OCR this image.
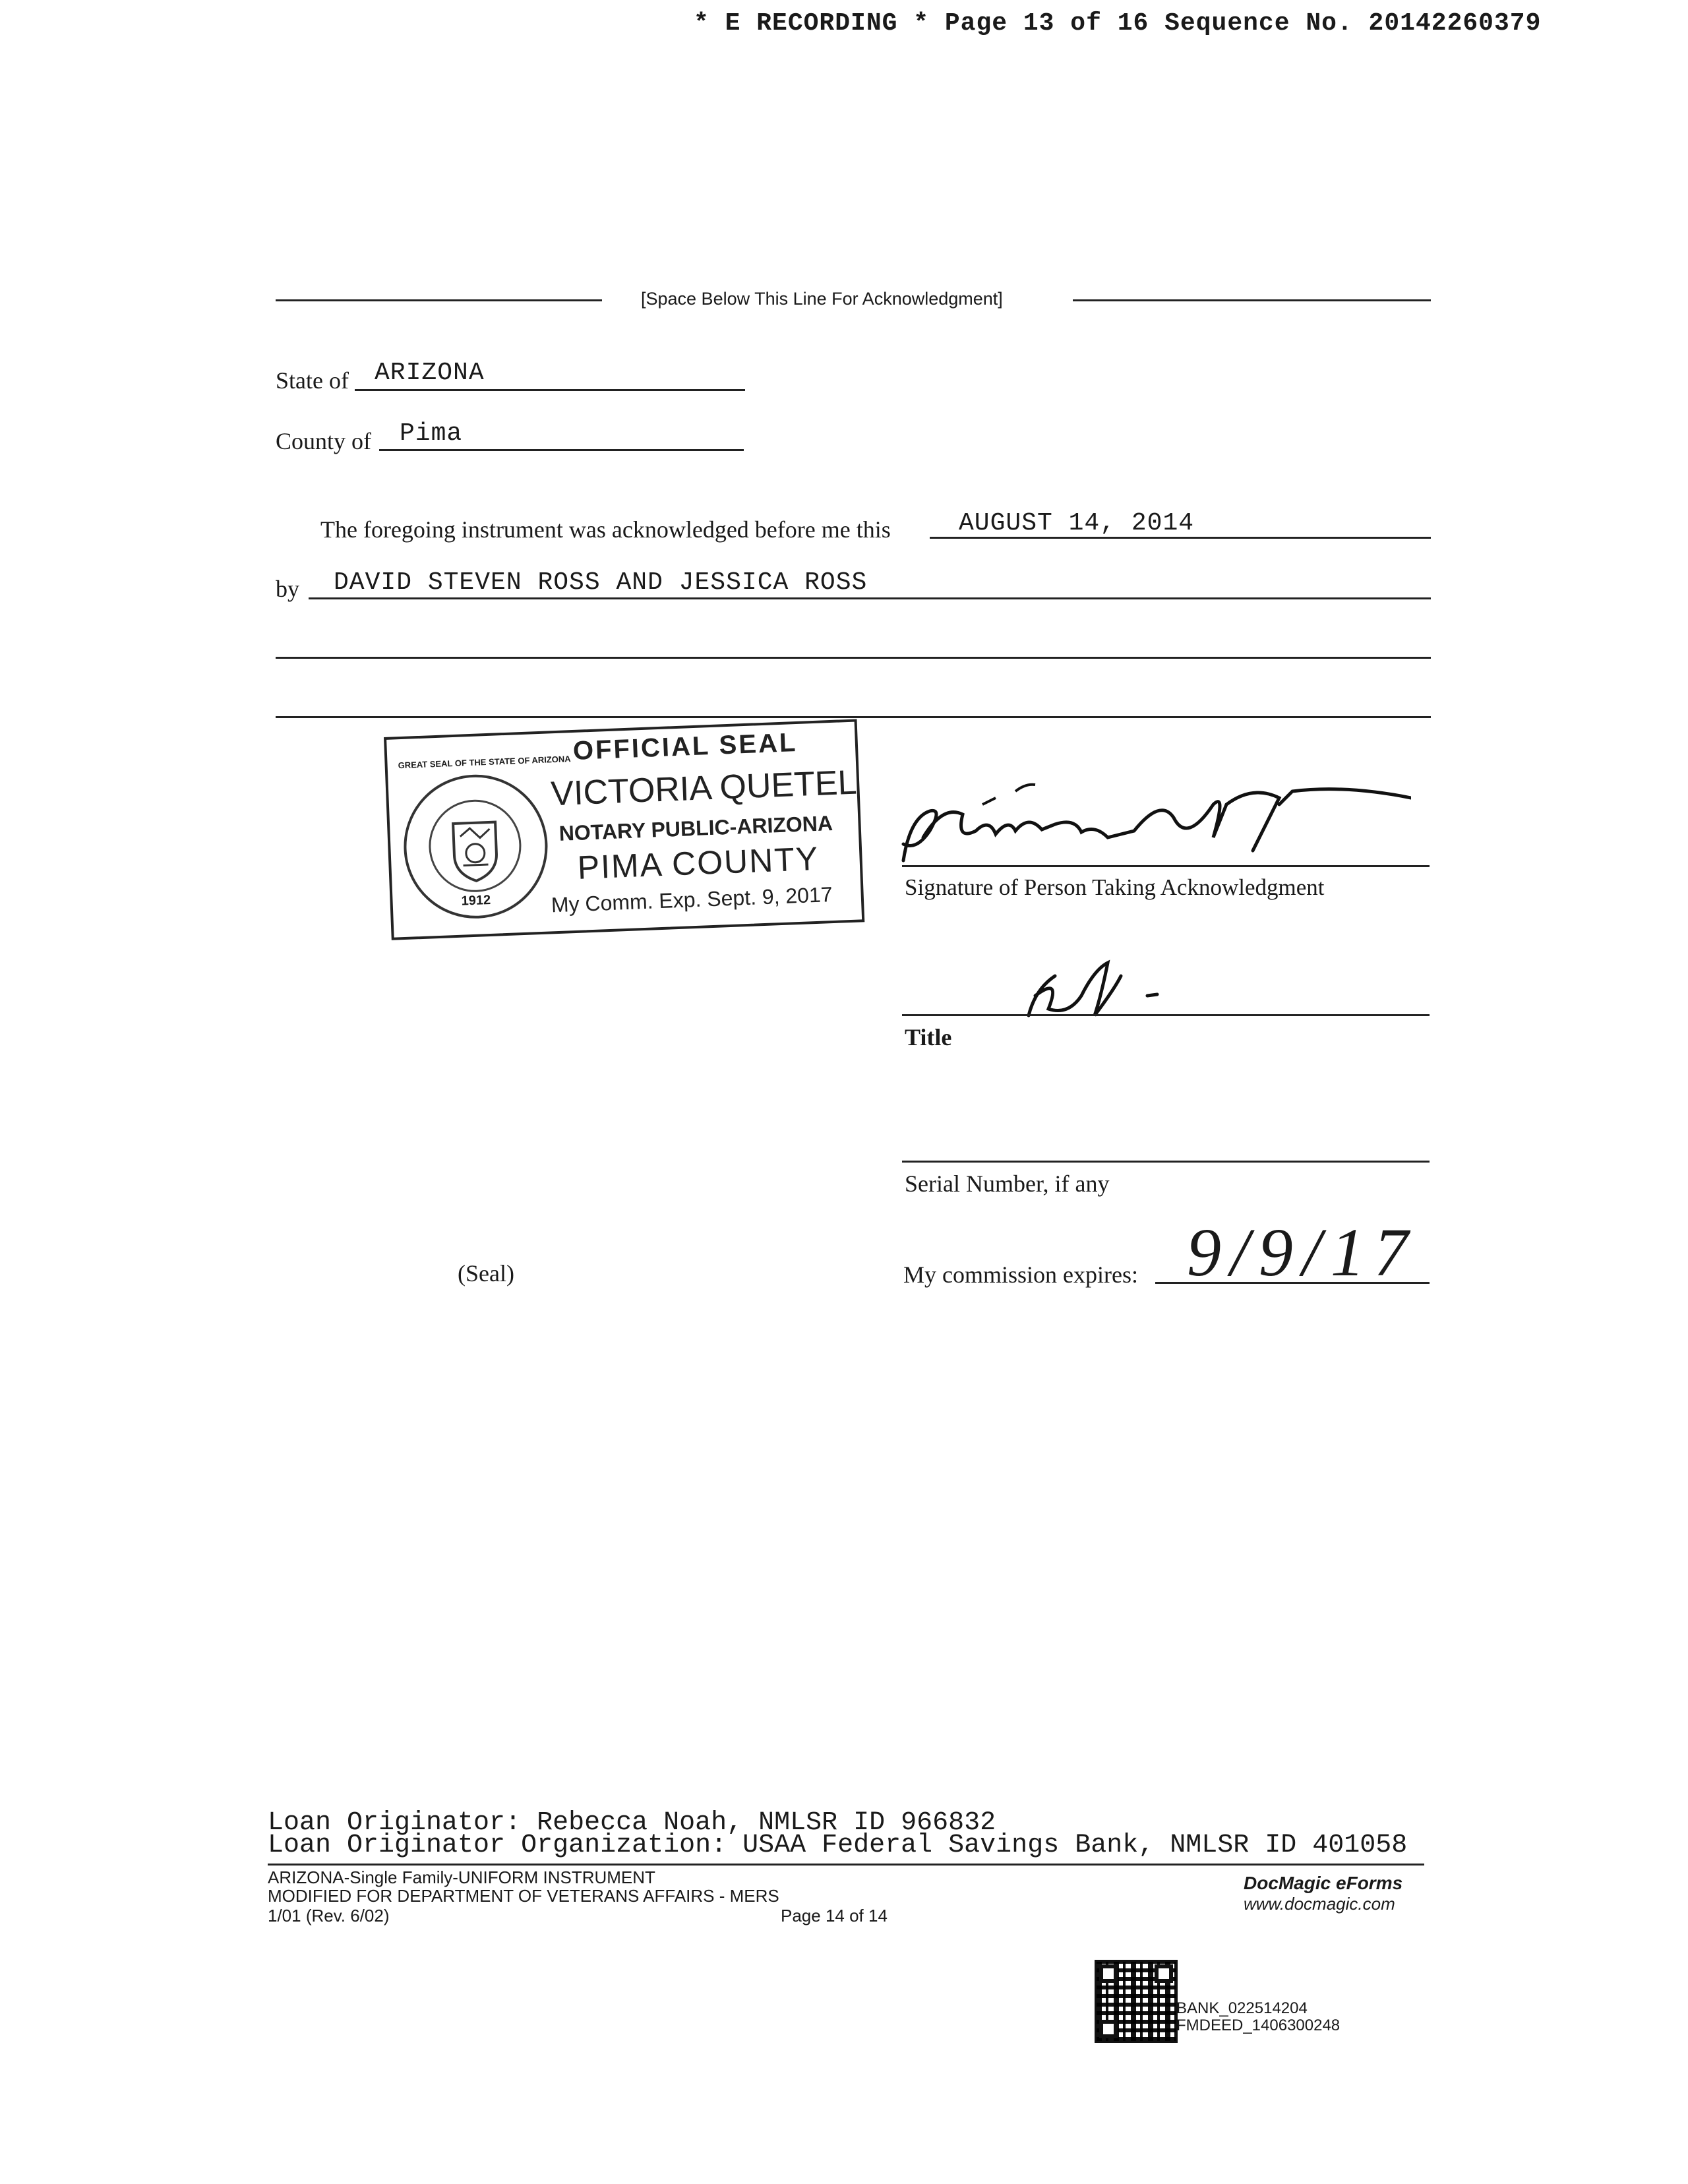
* E RECORDING * Page 13 of 16 Sequence No. 20142260379
[Space Below This Line For Acknowledgment]
State of ARIZONA
County of Pima
The foregoing instrument was acknowledged before me this	AUGUST 14, 2014
by DAVID STEVEN ROSS AND JESSICA ROSS
GREAT SEAL OF THE STATE OF ARIZONA
1912
OFFICIAL SEAL
VICTORIA QUETEL
NOTARY PUBLIC-ARIZONA
PIMA COUNTY
My Comm. Exp. Sept. 9, 2017	Signature of Person Taking Acknowledgment
Title
Serial Number, if any
(Seal)	My commission expires: 9/9/17
Loan Originator: Rebecca Noah, NMLSR ID 966832
Loan Originator Organization: USAA Federal Savings Bank, NMLSR ID 401058
ARIZONA-Single Family-UNIFORM INSTRUMENT
MODIFIED FOR DEPARTMENT OF VETERANS AFFAIRS - MERS
1/01 (Rev. 6/02)	Page 14 of 14
DocMagic eForms
www.docmagic.com
BANK_022514204
FMDEED_1406300248
